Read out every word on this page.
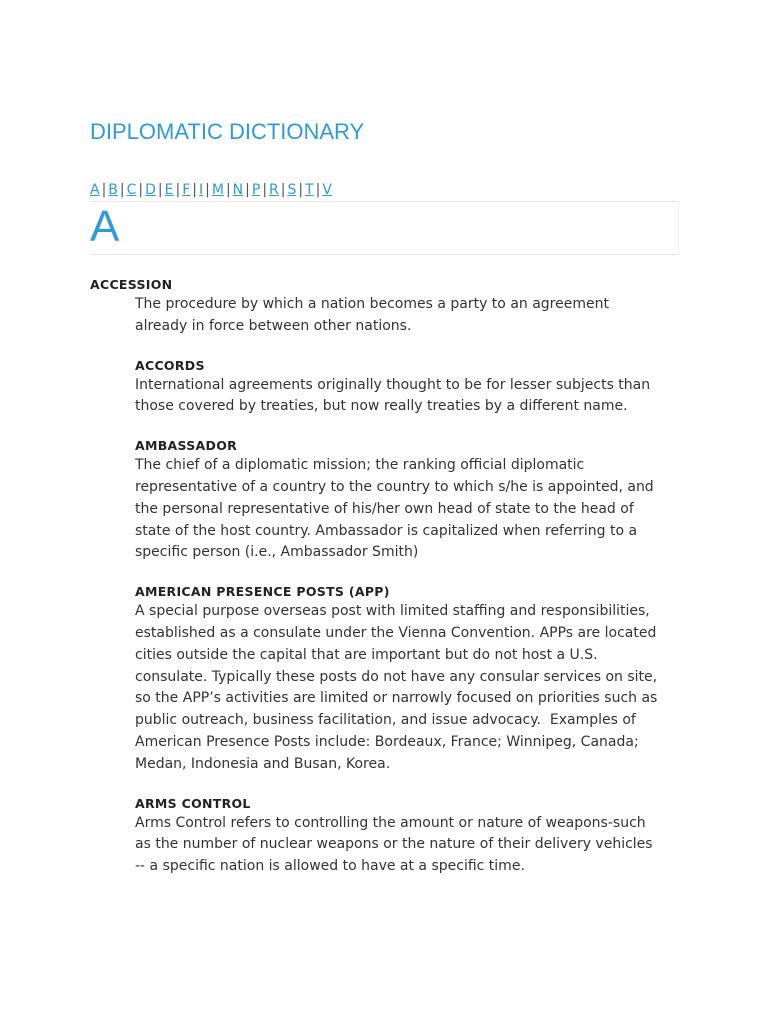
DIPLOMATIC DICTIONARY
A | B | C | D | E | F | I | M | N | P | R | S | T | V
A

ACCESSION

The procedure by which a nation becomes a party to an agreement
already in force between other nations.

ACCORDS

International agreements originally thought to be for lesser subjects than
those covered by treaties, but now really treaties by a different name.

AMBASSADOR

The chief of a diplomatic mission; the ranking official diplomatic
representative of a country to the country to which s/he is appointed, and
the personal representative of his/her own head of state to the head of
state of the host country. Ambassador is capitalized when referring to a
specific person (i.e., Ambassador Smith)

AMERICAN PRESENCE POSTS (APP)

A special purpose overseas post with limited staffing and responsibilities,
established as a consulate under the Vienna Convention. APPs are located
cities outside the capital that are important but do not host a U.S.
consulate. Typically these posts do not have any consular services on site,
so the APP’s activities are limited or narrowly focused on priorities such as
public outreach, business facilitation, and issue advocacy.  Examples of
American Presence Posts include: Bordeaux, France; Winnipeg, Canada;
Medan, Indonesia and Busan, Korea.

ARMS CONTROL

Arms Control refers to controlling the amount or nature of weapons-such
as the number of nuclear weapons or the nature of their delivery vehicles
-- a specific nation is allowed to have at a specific time.
